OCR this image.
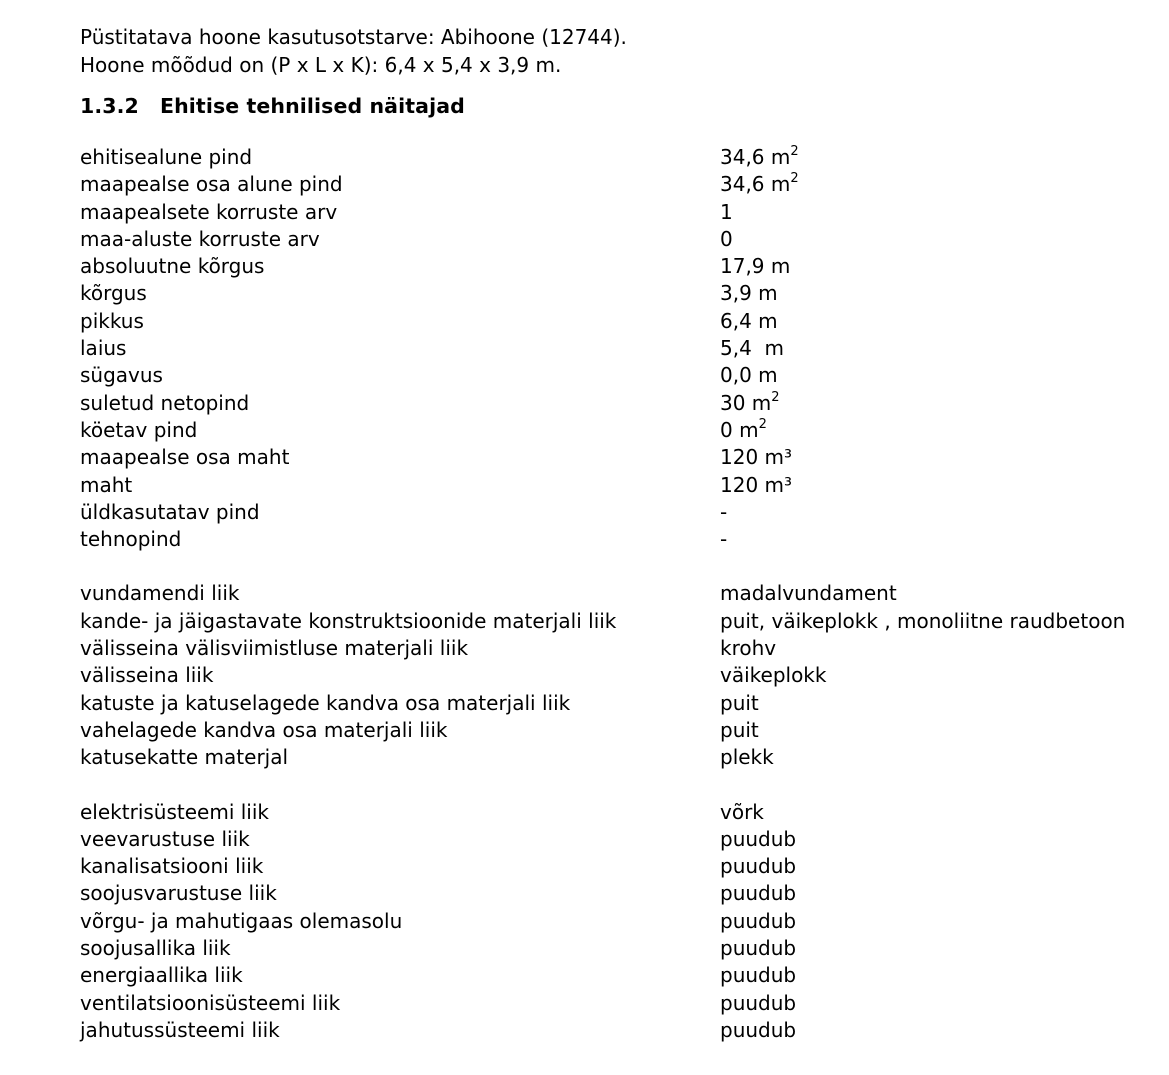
Püstitatava hoone kasutusotstarve: Abihoone (12744).

Hoone mõõdud on (P x L x K): 6,4 x 5,4 x 3,9 m.

1.3.2 Ehitise tehnilised näitajad
ehitisealune pind	34,6 $m^2$
maapealse osa alune pind	34,6 $m^2$
maapealsete korruste arv	1
maa-aluste korruste arv	0
absoluutne kõrgus	17,9 m
kõrgus	3,9 m
pikkus	6,4 m
laius	5,4  m
sügavus	0,0 m
suletud netopind	30 $m^2$
köetav pind	0 $m^2$
maapealse osa maht	120 m³
maht	120 m³
üldkasutatav pind	-
tehnopind	-
vundamendi liik	madalvundament
kande- ja jäigastavate konstruktsioonide materjali liik	puit, väikeplokk , monoliitne raudbetoon
välisseina välisviimistluse materjali liik	krohv
välisseina liik	väikeplokk
katuste ja katuselagede kandva osa materjali liik	puit
vahelagede kandva osa materjali liik	puit
katusekatte materjal	plekk
elektrisüsteemi liik	võrk
veevarustuse liik	puudub
kanalisatsiooni liik	puudub
soojusvarustuse liik	puudub
võrgu- ja mahutigaas olemasolu	puudub
soojusallika liik	puudub
energiaallika liik	puudub
ventilatsioonisüsteemi liik	puudub
jahutussüsteemi liik	puudub
